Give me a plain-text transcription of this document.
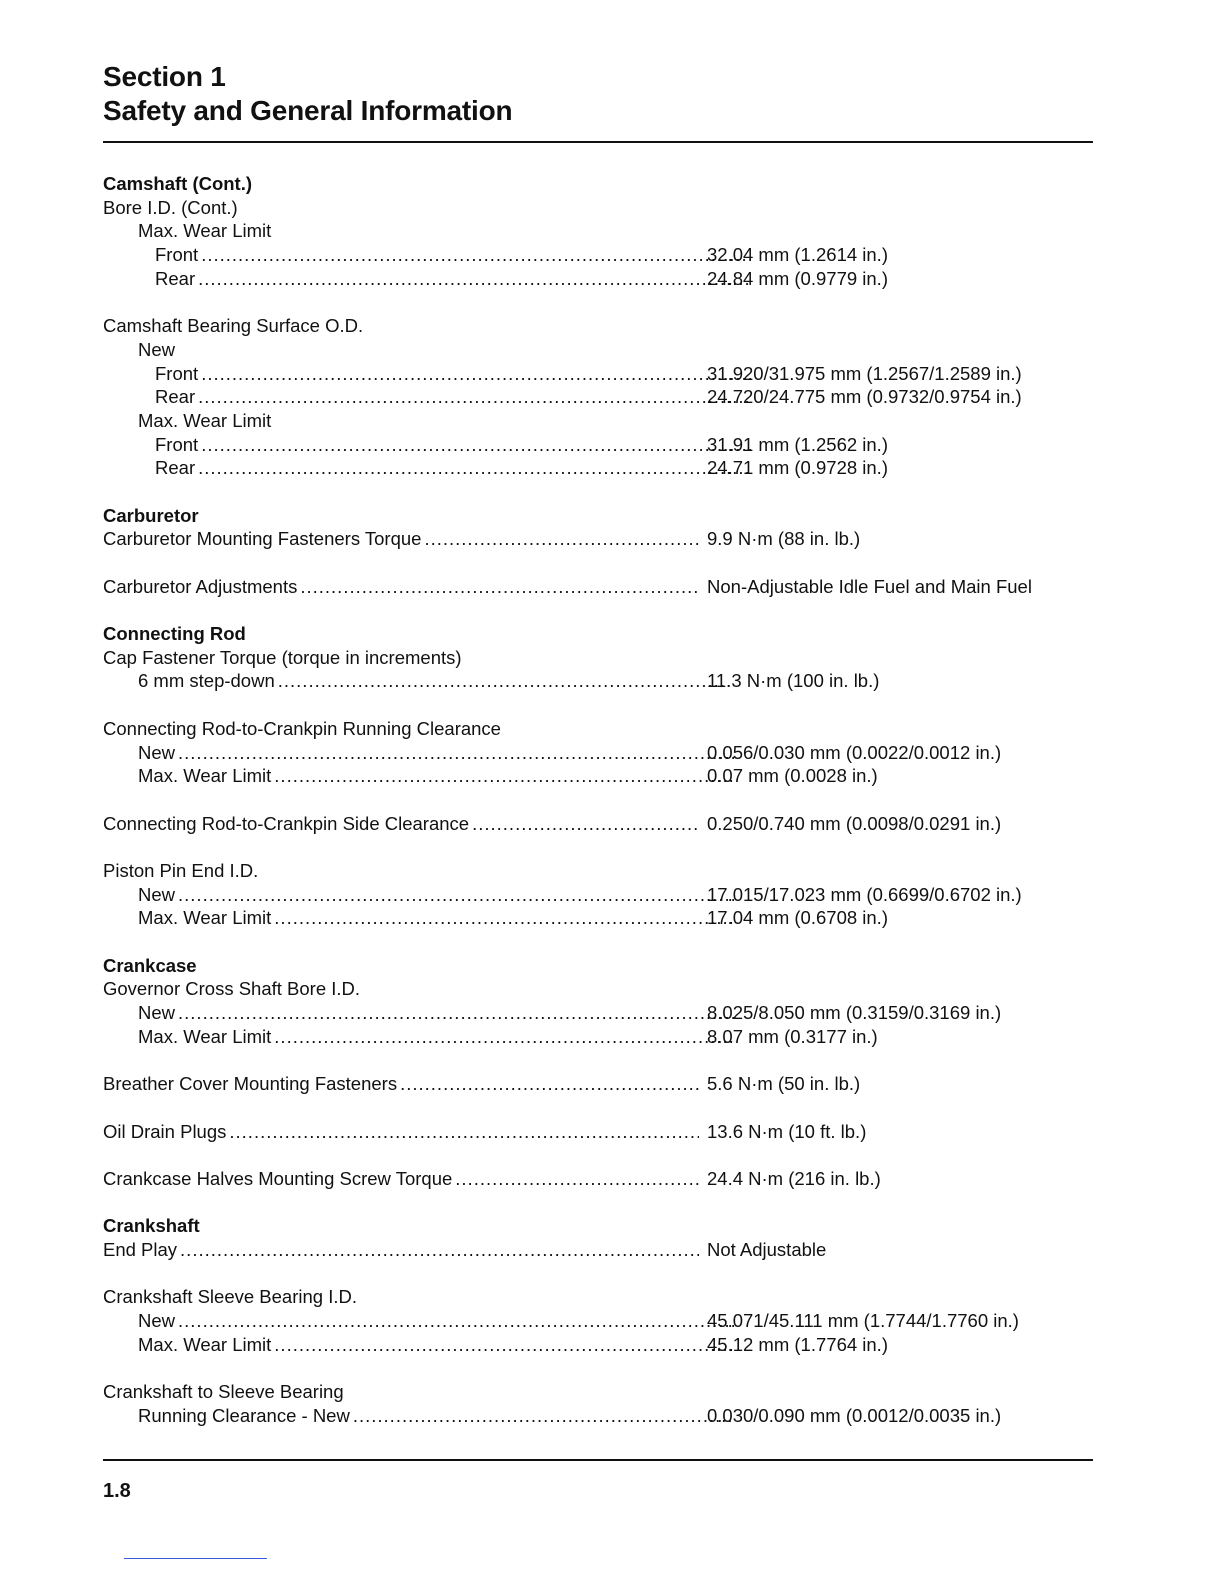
Section 1
Safety and General Information
Camshaft (Cont.)
Bore I.D. (Cont.)
Max. Wear Limit
Front .....	32.04 mm (1.2614 in.)
Rear .....	24.84 mm (0.9779 in.)
Camshaft Bearing Surface O.D.
New
Front .....	31.920/31.975 mm (1.2567/1.2589 in.)
Rear .....	24.720/24.775 mm (0.9732/0.9754 in.)
Max. Wear Limit
Front .....	31.91 mm (1.2562 in.)
Rear .....	24.71 mm (0.9728 in.)
Carburetor
Carburetor Mounting Fasteners Torque .....	9.9 N·m (88 in. lb.)
Carburetor Adjustments .....	Non-Adjustable Idle Fuel and Main Fuel
Connecting Rod
Cap Fastener Torque (torque in increments)
6 mm step-down .....	11.3 N·m (100 in. lb.)
Connecting Rod-to-Crankpin Running Clearance
New .....	0.056/0.030 mm (0.0022/0.0012 in.)
Max. Wear Limit .....	0.07 mm (0.0028 in.)
Connecting Rod-to-Crankpin Side Clearance .....	0.250/0.740 mm (0.0098/0.0291 in.)
Piston Pin End I.D.
New .....	17.015/17.023 mm (0.6699/0.6702 in.)
Max. Wear Limit .....	17.04 mm (0.6708 in.)
Crankcase
Governor Cross Shaft Bore I.D.
New .....	8.025/8.050 mm (0.3159/0.3169 in.)
Max. Wear Limit .....	8.07 mm (0.3177 in.)
Breather Cover Mounting Fasteners .....	5.6 N·m (50 in. lb.)
Oil Drain Plugs .....	13.6 N·m (10 ft. lb.)
Crankcase Halves Mounting Screw Torque .....	24.4 N·m (216 in. lb.)
Crankshaft
End Play .....	Not Adjustable
Crankshaft Sleeve Bearing I.D.
New .....	45.071/45.111 mm (1.7744/1.7760 in.)
Max. Wear Limit .....	45.12 mm (1.7764 in.)
Crankshaft to Sleeve Bearing
Running Clearance - New .....	0.030/0.090 mm (0.0012/0.0035 in.)
1.8
